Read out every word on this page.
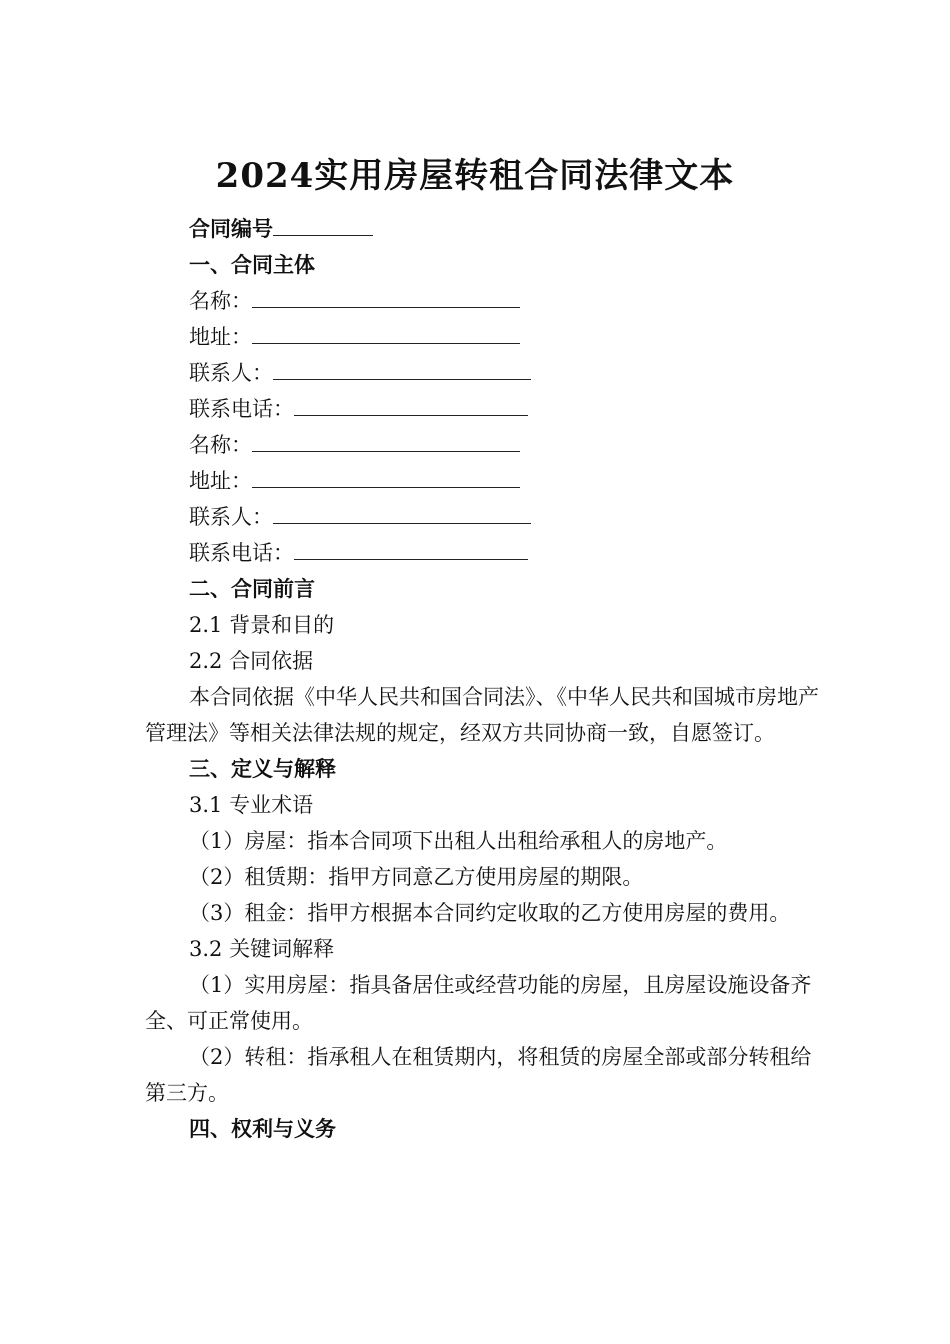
2024实用房屋转租合同法律文本
合同编号
一、合同主体
名称：
地址：
联系人：
联系电话：
名称：
地址：
联系人：
联系电话：
二、合同前言
2.1 背景和目的
2.2 合同依据
本合同依据《中华人民共和国合同法》、《中华人民共和国城市房地产管理法》等相关法律法规的规定，经双方共同协商一致，自愿签订。
三、定义与解释
3.1 专业术语
（1）房屋：指本合同项下出租人出租给承租人的房地产。
（2）租赁期：指甲方同意乙方使用房屋的期限。
（3）租金：指甲方根据本合同约定收取的乙方使用房屋的费用。
3.2 关键词解释
（1）实用房屋：指具备居住或经营功能的房屋，且房屋设施设备齐全、可正常使用。
（2）转租：指承租人在租赁期内，将租赁的房屋全部或部分转租给第三方。
四、权利与义务
